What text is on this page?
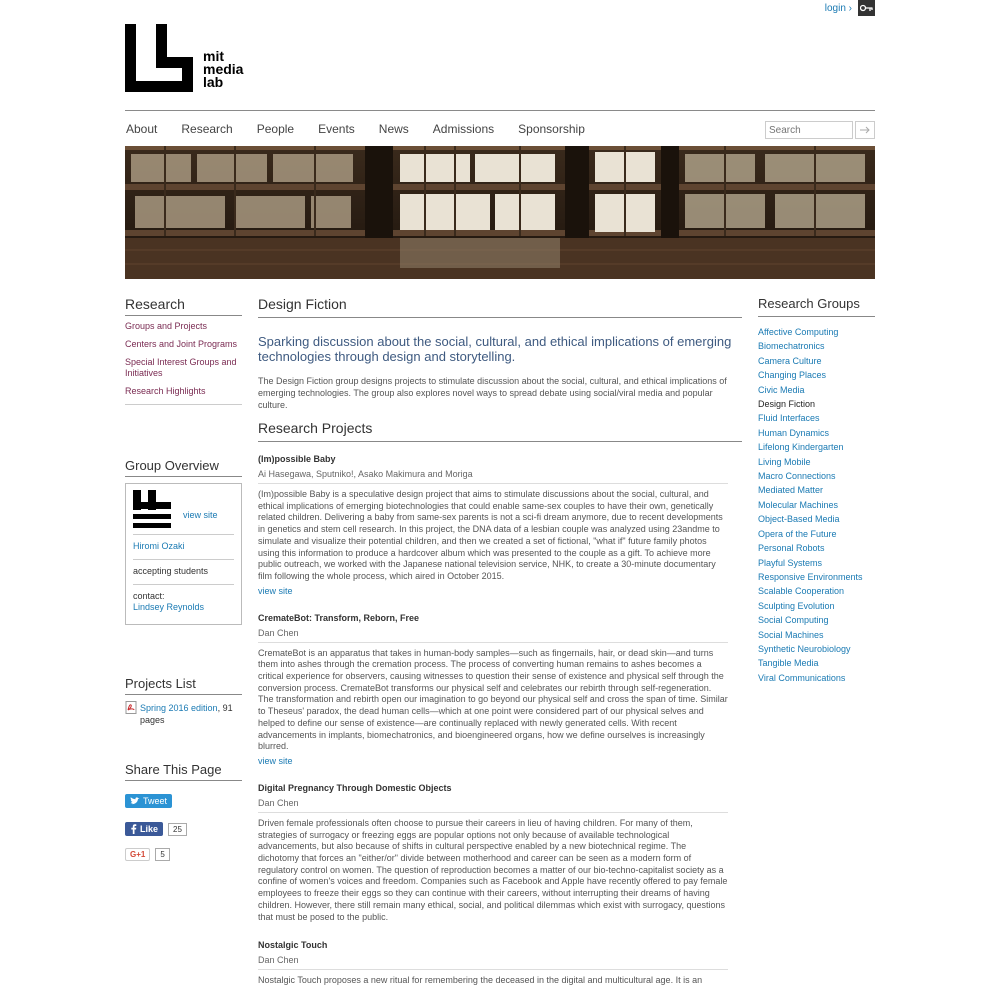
login ›
mit
media
lab
About Research People Events News Admissions Sponsorship
Search
Research
Groups and Projects
Centers and Joint Programs
Special Interest Groups and Initiatives
Research Highlights
Group Overview
view site
Hiromi Ozaki
accepting students
contact:
Lindsey Reynolds
Projects List
Spring 2016 edition, 91 pages
Share This Page
Tweet
Like	25
G+1	5
Design Fiction

Sparking discussion about the social, cultural, and ethical implications of emerging technologies through design and storytelling.

The Design Fiction group designs projects to stimulate discussion about the social, cultural, and ethical implications of emerging technologies. The group also explores novel ways to spread debate using social/viral media and popular culture.

Research Projects
(Im)possible Baby
Ai Hasegawa, Sputniko!, Asako Makimura and Moriga
(Im)possible Baby is a speculative design project that aims to stimulate discussions about the social, cultural, and ethical implications of emerging biotechnologies that could enable same-sex couples to have their own, genetically related children. Delivering a baby from same-sex parents is not a sci-fi dream anymore, due to recent developments in genetics and stem cell research. In this project, the DNA data of a lesbian couple was analyzed using 23andme to simulate and visualize their potential children, and then we created a set of fictional, "what if" future family photos using this information to produce a hardcover album which was presented to the couple as a gift. To achieve more public outreach, we worked with the Japanese national television service, NHK, to create a 30-minute documentary film following the whole process, which aired in October 2015.
view site
CremateBot: Transform, Reborn, Free
Dan Chen
CremateBot is an apparatus that takes in human-body samples—such as fingernails, hair, or dead skin—and turns them into ashes through the cremation process. The process of converting human remains to ashes becomes a critical experience for observers, causing witnesses to question their sense of existence and physical self through the conversion process. CremateBot transforms our physical self and celebrates our rebirth through self-regeneration. The transformation and rebirth open our imagination to go beyond our physical self and cross the span of time. Similar to Theseus' paradox, the dead human cells—which at one point were considered part of our physical selves and helped to define our sense of existence—are continually replaced with newly generated cells. With recent advancements in implants, biomechatronics, and bioengineered organs, how we define ourselves is increasingly blurred.
view site
Digital Pregnancy Through Domestic Objects
Dan Chen
Driven female professionals often choose to pursue their careers in lieu of having children. For many of them, strategies of surrogacy or freezing eggs are popular options not only because of available technological advancements, but also because of shifts in cultural perspective enabled by a new biotechnical regime. The dichotomy that forces an "either/or" divide between motherhood and career can be seen as a modern form of regulatory control on women. The question of reproduction becomes a matter of our bio-techno-capitalist society as a confine of women's voices and freedom. Companies such as Facebook and Apple have recently offered to pay female employees to freeze their eggs so they can continue with their careers, without interrupting their dreams of having children. However, there still remain many ethical, social, and political dilemmas which exist with surrogacy, questions that must be posed to the public.
Nostalgic Touch
Dan Chen
Nostalgic Touch proposes a new ritual for remembering the deceased in the digital and multicultural age. It is an
Research Groups
Affective Computing
Biomechatronics
Camera Culture
Changing Places
Civic Media
Design Fiction
Fluid Interfaces
Human Dynamics
Lifelong Kindergarten
Living Mobile
Macro Connections
Mediated Matter
Molecular Machines
Object-Based Media
Opera of the Future
Personal Robots
Playful Systems
Responsive Environments
Scalable Cooperation
Sculpting Evolution
Social Computing
Social Machines
Synthetic Neurobiology
Tangible Media
Viral Communications
